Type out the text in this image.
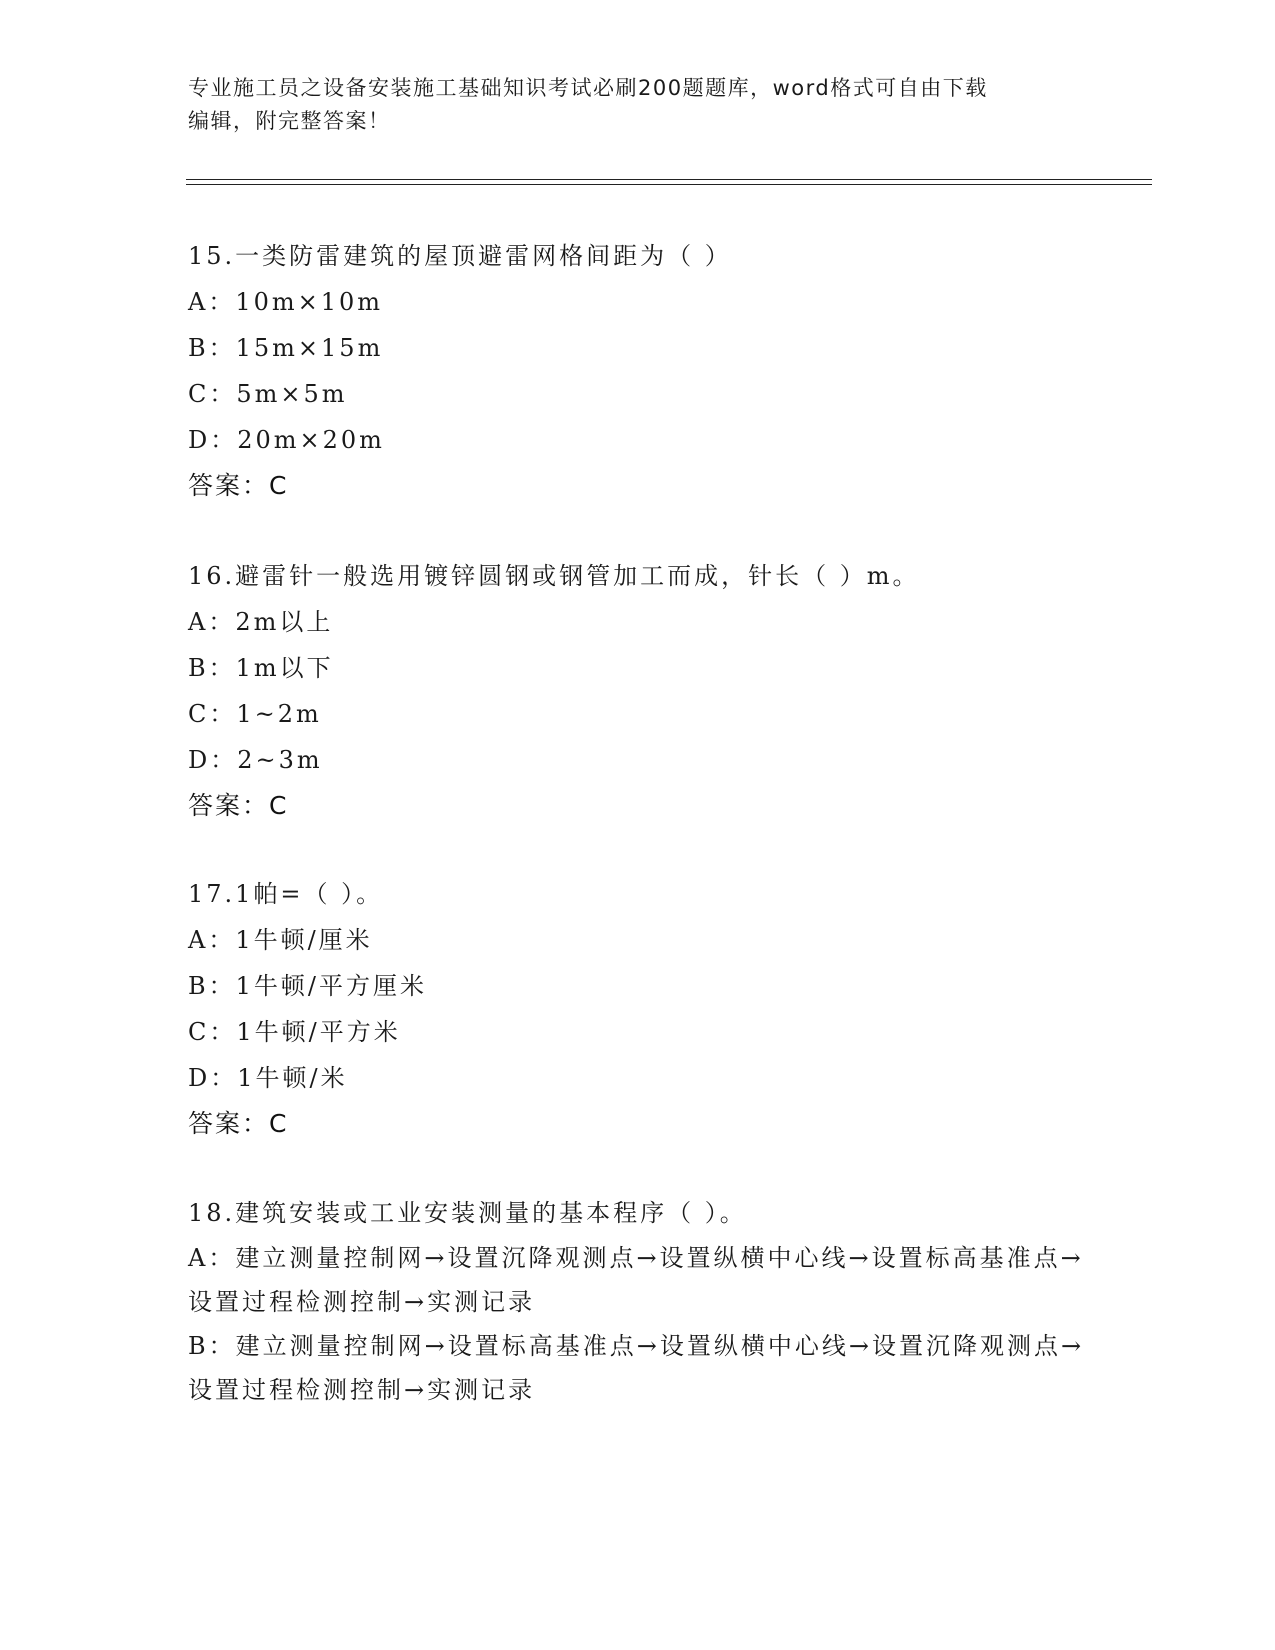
专业施工员之设备安装施工基础知识考试必刷200题题库，word格式可自由下载
编辑，附完整答案！
15.一类防雷建筑的屋顶避雷网格间距为（ ）
A：10m×10m
B：15m×15m
C：5m×5m
D：20m×20m
答案：C
16.避雷针一般选用镀锌圆钢或钢管加工而成，针长（ ）m。
A：2m以上
B：1m以下
C：1~2m
D：2~3m
答案：C
17.1帕=（ ）。
A：1牛顿/厘米
B：1牛顿/平方厘米
C：1牛顿/平方米
D：1牛顿/米
答案：C
18.建筑安装或工业安装测量的基本程序（ ）。
A：建立测量控制网→设置沉降观测点→设置纵横中心线→设置标高基准点→设置过程检测控制→实测记录
B：建立测量控制网→设置标高基准点→设置纵横中心线→设置沉降观测点→设置过程检测控制→实测记录
